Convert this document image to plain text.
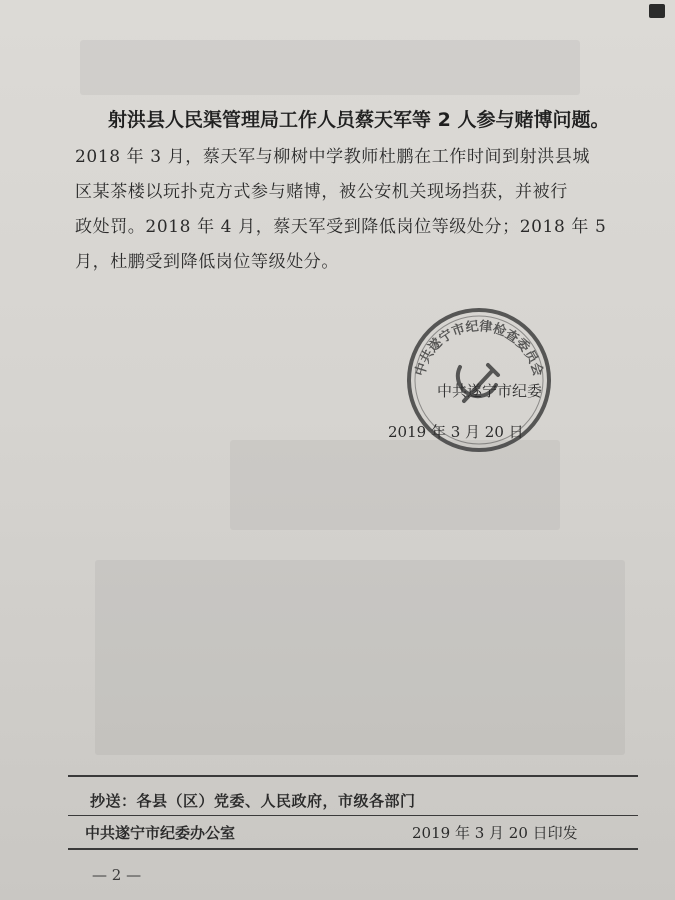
射洪县人民渠管理局工作人员蔡天军等 2 人参与赌博问题。

2018 年 3 月，蔡天军与柳树中学教师杜鹏在工作时间到射洪县城
区某茶楼以玩扑克方式参与赌博，被公安机关现场挡获，并被行
政处罚。2018 年 4 月，蔡天军受到降低岗位等级处分；2018 年 5
月，杜鹏受到降低岗位等级处分。

中共遂宁市纪律检查委员会
中共遂宁市纪委
2019 年 3 月 20 日
抄送：各县（区）党委、人民政府，市级各部门
中共遂宁市纪委办公室	2019 年 3 月 20 日印发
— 2 —
